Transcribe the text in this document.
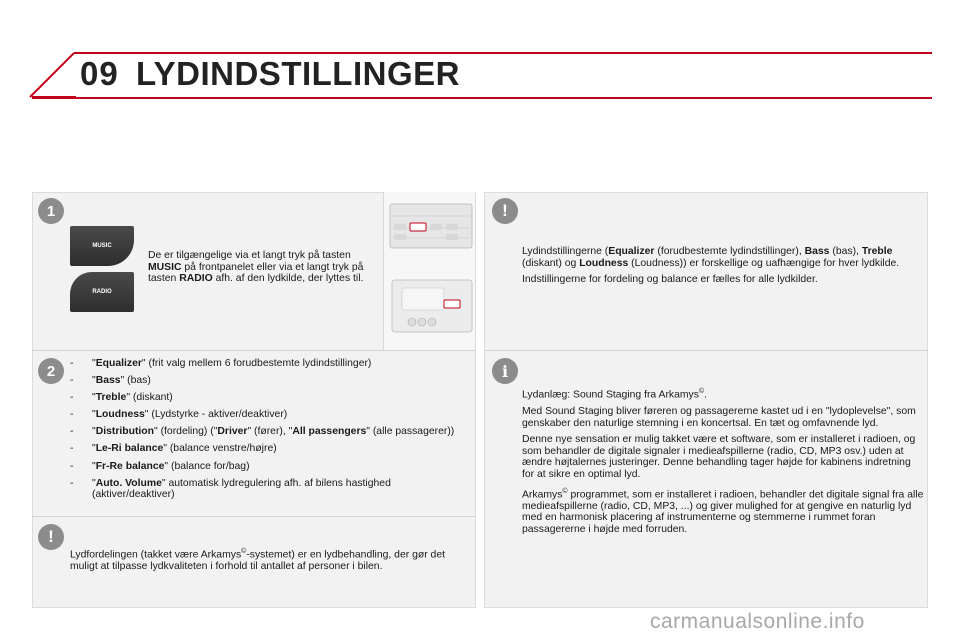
09 LYDINDSTILLINGER
1
MUSIC
RADIO
De er tilgængelige via et langt tryk på tasten MUSIC på frontpanelet eller via et langt tryk på tasten RADIO afh. af den lydkilde, der lyttes til.
2	- "Equalizer" (frit valg mellem 6 forudbestemte lydindstillinger)
- "Bass" (bas)
- "Treble" (diskant)
- "Loudness" (Lydstyrke - aktiver/deaktiver)
- "Distribution" (fordeling) ("Driver" (fører), "All passengers" (alle passagerer))
- "Le-Ri balance" (balance venstre/højre)
- "Fr-Re balance" (balance for/bag)
- "Auto. Volume" automatisk lydregulering afh. af bilens hastighed (aktiver/deaktiver)
!
Lydfordelingen (takket være Arkamys©-systemet) er en lydbehandling, der gør det muligt at tilpasse lydkvaliteten i forhold til antallet af personer i bilen.
!

Lydindstillingerne (Equalizer (forudbestemte lydindstillinger), Bass (bas), Treble (diskant) og Loudness (Loudness)) er forskellige og uafhængige for hver lydkilde.

Indstillingerne for fordeling og balance er fælles for alle lydkilder.

i

Lydanlæg: Sound Staging fra Arkamys©.

Med Sound Staging bliver føreren og passagererne kastet ud i en "lydoplevelse", som genskaber den naturlige stemning i en koncertsal. En tæt og omfavnende lyd.

Denne nye sensation er mulig takket være et software, som er installeret i radioen, og som behandler de digitale signaler i medieafspillerne (radio, CD, MP3 osv.) uden at ændre højtalernes justeringer. Denne behandling tager højde for kabinens indretning for at sikre en optimal lyd.

Arkamys© programmet, som er installeret i radioen, behandler det digitale signal fra alle medieafspillerne (radio, CD, MP3, ...) og giver mulighed for at gengive en naturlig lyd med en harmonisk placering af instrumenterne og stemmerne i rummet foran passagererne i højde med forruden.

carmanualsonline.info
